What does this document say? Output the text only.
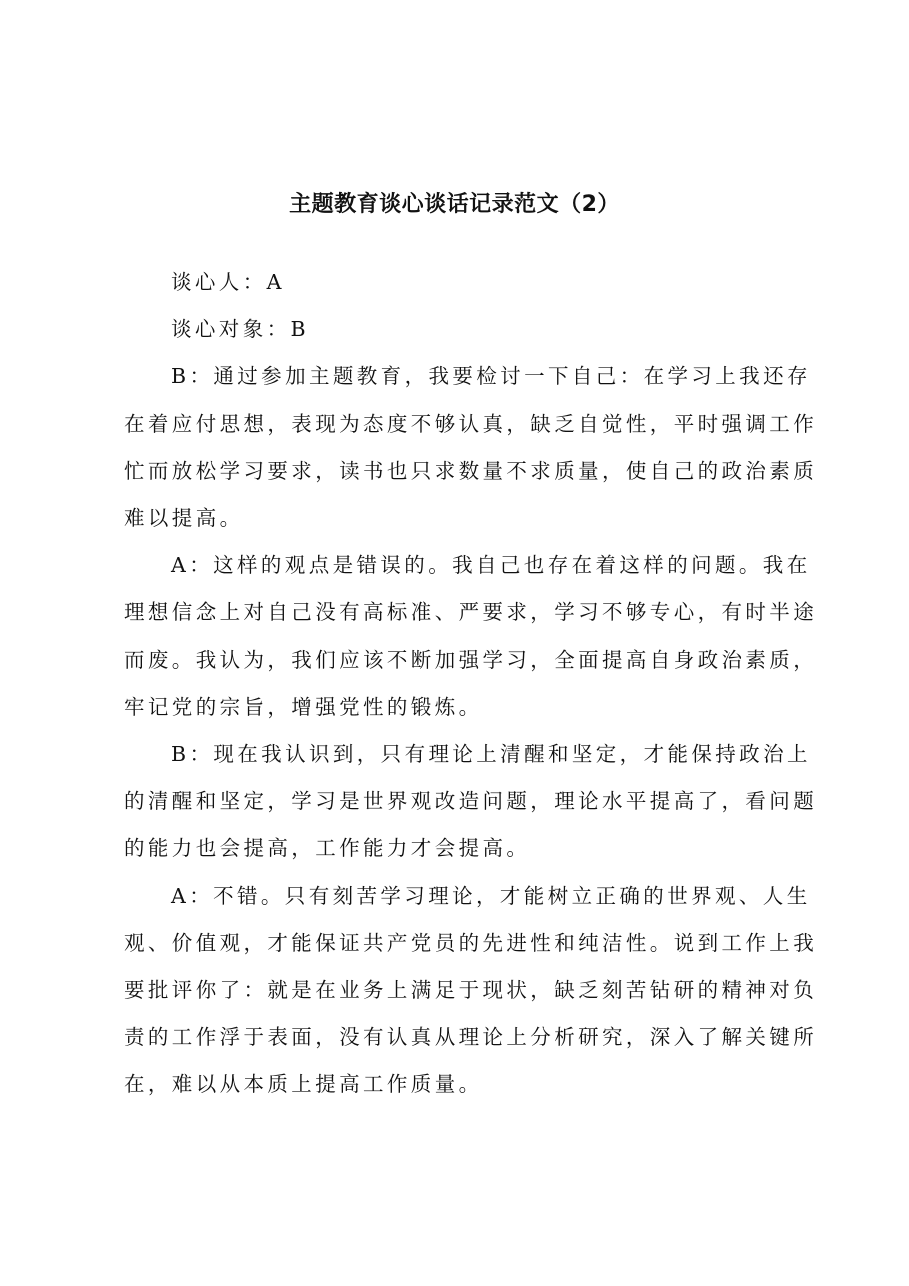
主题教育谈心谈话记录范文（2）

谈心人：A

谈心对象：B

B：通过参加主题教育，我要检讨一下自己：在学习上我还存在着应付思想，表现为态度不够认真，缺乏自觉性，平时强调工作忙而放松学习要求，读书也只求数量不求质量，使自己的政治素质难以提高。

A：这样的观点是错误的。我自己也存在着这样的问题。我在理想信念上对自己没有高标准、严要求，学习不够专心，有时半途而废。我认为，我们应该不断加强学习，全面提高自身政治素质，牢记党的宗旨，增强党性的锻炼。

B：现在我认识到，只有理论上清醒和坚定，才能保持政治上的清醒和坚定，学习是世界观改造问题，理论水平提高了，看问题的能力也会提高，工作能力才会提高。

A：不错。只有刻苦学习理论，才能树立正确的世界观、人生观、价值观，才能保证共产党员的先进性和纯洁性。说到工作上我要批评你了：就是在业务上满足于现状，缺乏刻苦钻研的精神对负责的工作浮于表面，没有认真从理论上分析研究，深入了解关键所在，难以从本质上提高工作质量。
